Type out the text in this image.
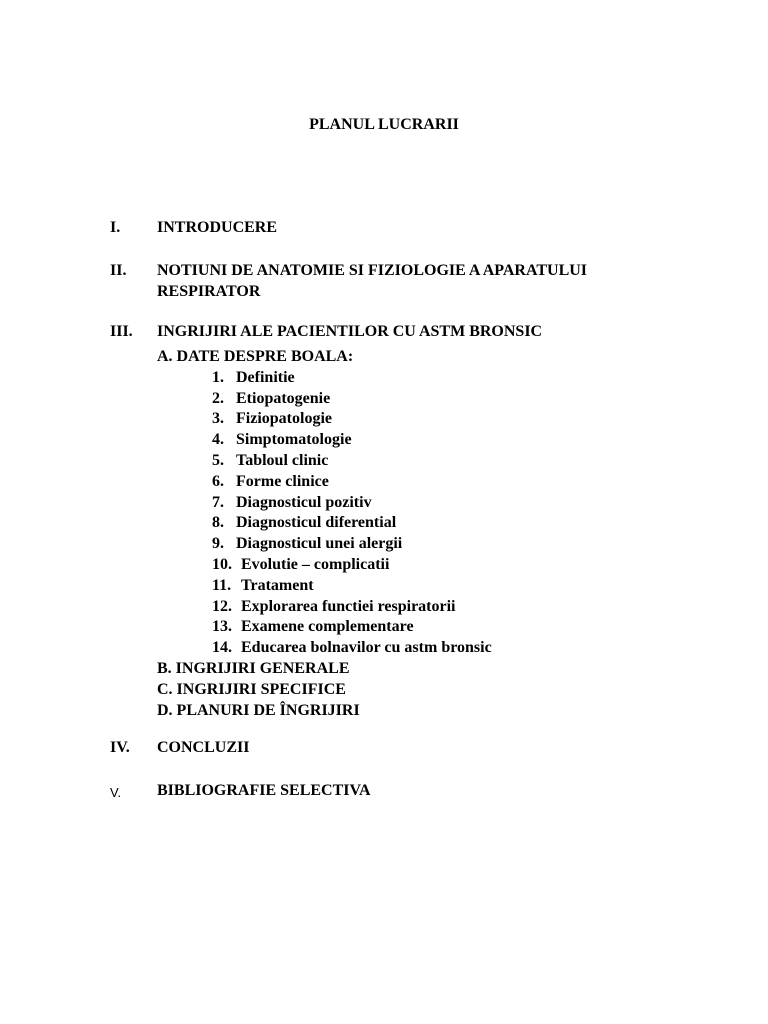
PLANUL LUCRARII
I. INTRODUCERE
II. NOTIUNI DE ANATOMIE SI FIZIOLOGIE A APARATULUI
RESPIRATOR
III. INGRIJIRI ALE PACIENTILOR CU ASTM BRONSIC
A. DATE DESPRE BOALA:
1. Definitie
2. Etiopatogenie
3. Fiziopatologie
4. Simptomatologie
5. Tabloul clinic
6. Forme clinice
7. Diagnosticul pozitiv
8. Diagnosticul diferential
9. Diagnosticul unei alergii
10. Evolutie – complicatii
11. Tratament
12. Explorarea functiei respiratorii
13. Examene complementare
14. Educarea bolnavilor cu astm bronsic
B. INGRIJIRI GENERALE
C. INGRIJIRI SPECIFICE
D. PLANURI DE ÎNGRIJIRI
IV. CONCLUZII
V. BIBLIOGRAFIE SELECTIVA
